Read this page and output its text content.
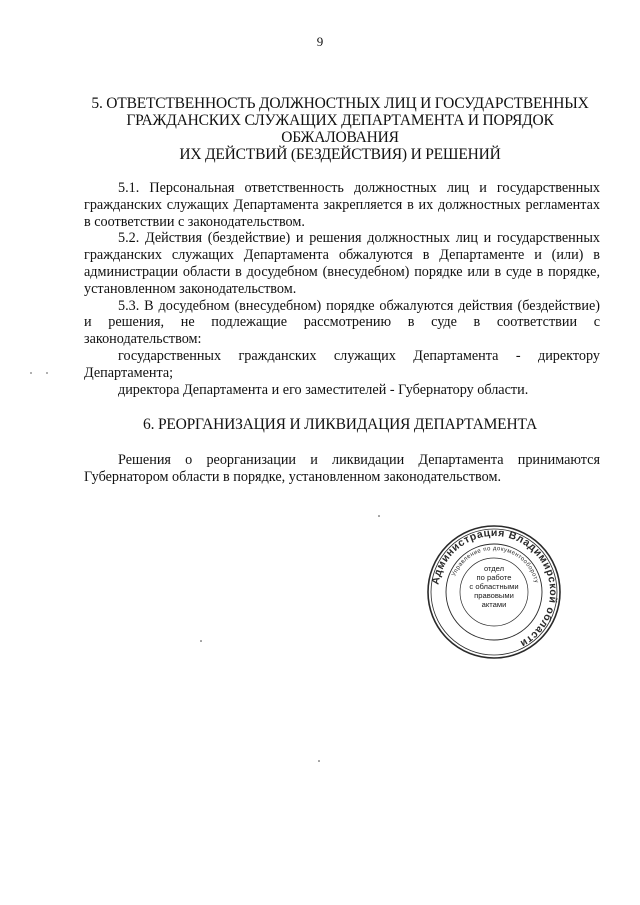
9
5. ОТВЕТСТВЕННОСТЬ ДОЛЖНОСТНЫХ ЛИЦ И ГОСУДАРСТВЕННЫХ
ГРАЖДАНСКИХ СЛУЖАЩИХ ДЕПАРТАМЕНТА И ПОРЯДОК
ОБЖАЛОВАНИЯ
ИХ ДЕЙСТВИЙ (БЕЗДЕЙСТВИЯ) И РЕШЕНИЙ

5.1. Персональная ответственность должностных лиц и государственных гражданских служащих Департамента закрепляется в их должностных регламентах в соответствии с законодательством.

5.2. Действия (бездействие) и решения должностных лиц и государственных гражданских служащих Департамента обжалуются в Департаменте и (или) в администрации области в досудебном (внесудебном) порядке или в суде в порядке, установленном законодательством.

5.3. В досудебном (внесудебном) порядке обжалуются действия (бездействие) и решения, не подлежащие рассмотрению в суде в соответствии с законодательством:

государственных гражданских служащих Департамента - директору Департамента;

директора Департамента и его заместителей - Губернатору области.

6. РЕОРГАНИЗАЦИЯ И ЛИКВИДАЦИЯ ДЕПАРТАМЕНТА

Решения о реорганизации и ликвидации Департамента принимаются Губернатором области в порядке, установленном законодательством.

Администрация Владимирской области
Управление по документообороту
отдел
по работе
с областными
правовыми
актами
